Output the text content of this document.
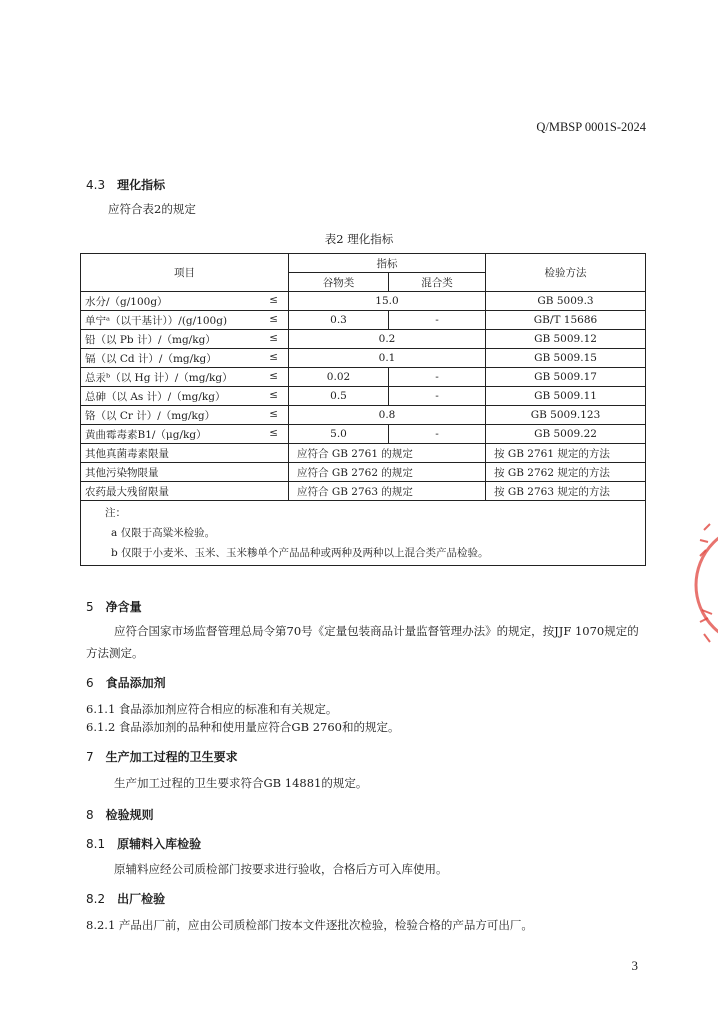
Q/MBSP 0001S-2024
4.3 理化指标
应符合表2的规定
表2 理化指标
项目	指标		检验方法
	谷物类	混合类	

水分/（g/100g） ≤	15.0		GB 5009.3

单宁ᵃ（以干基计））/(g/100g) ≤	0.3	-	GB/T 15686

铅（以 Pb 计）/（mg/kg） ≤	0.2		GB 5009.12

镉（以 Cd 计）/（mg/kg） ≤	0.1		GB 5009.15

总汞ᵇ（以 Hg 计）/（mg/kg） ≤	0.02	-	GB 5009.17

总砷（以 As 计）/（mg/kg） ≤	0.5	-	GB 5009.11

铬（以 Cr 计）/（mg/kg） ≤	0.8		GB 5009.123

黄曲霉毒素B1/（μg/kg） ≤	5.0	-	GB 5009.22

其他真菌毒素限量	应符合 GB 2761 的规定		按 GB 2761 规定的方法

其他污染物限量	应符合 GB 2762 的规定		按 GB 2762 规定的方法

农药最大残留限量	应符合 GB 2763 的规定		按 GB 2763 规定的方法

注：
a 仅限于高粱米检验。
b 仅限于小麦米、玉米、玉米糁单个产品品种或两种及两种以上混合类产品检验。			
5 净含量
应符合国家市场监督管理总局令第70号《定量包装商品计量监督管理办法》的规定，按JJF 1070规定的方法测定。
6 食品添加剂
6.1.1 食品添加剂应符合相应的标准和有关规定。
6.1.2 食品添加剂的品种和使用量应符合GB 2760和的规定。
7 生产加工过程的卫生要求
生产加工过程的卫生要求符合GB 14881的规定。
8 检验规则
8.1 原辅料入库检验
原辅料应经公司质检部门按要求进行验收，合格后方可入库使用。
8.2 出厂检验
8.2.1 产品出厂前，应由公司质检部门按本文件逐批次检验，检验合格的产品方可出厂。
3
